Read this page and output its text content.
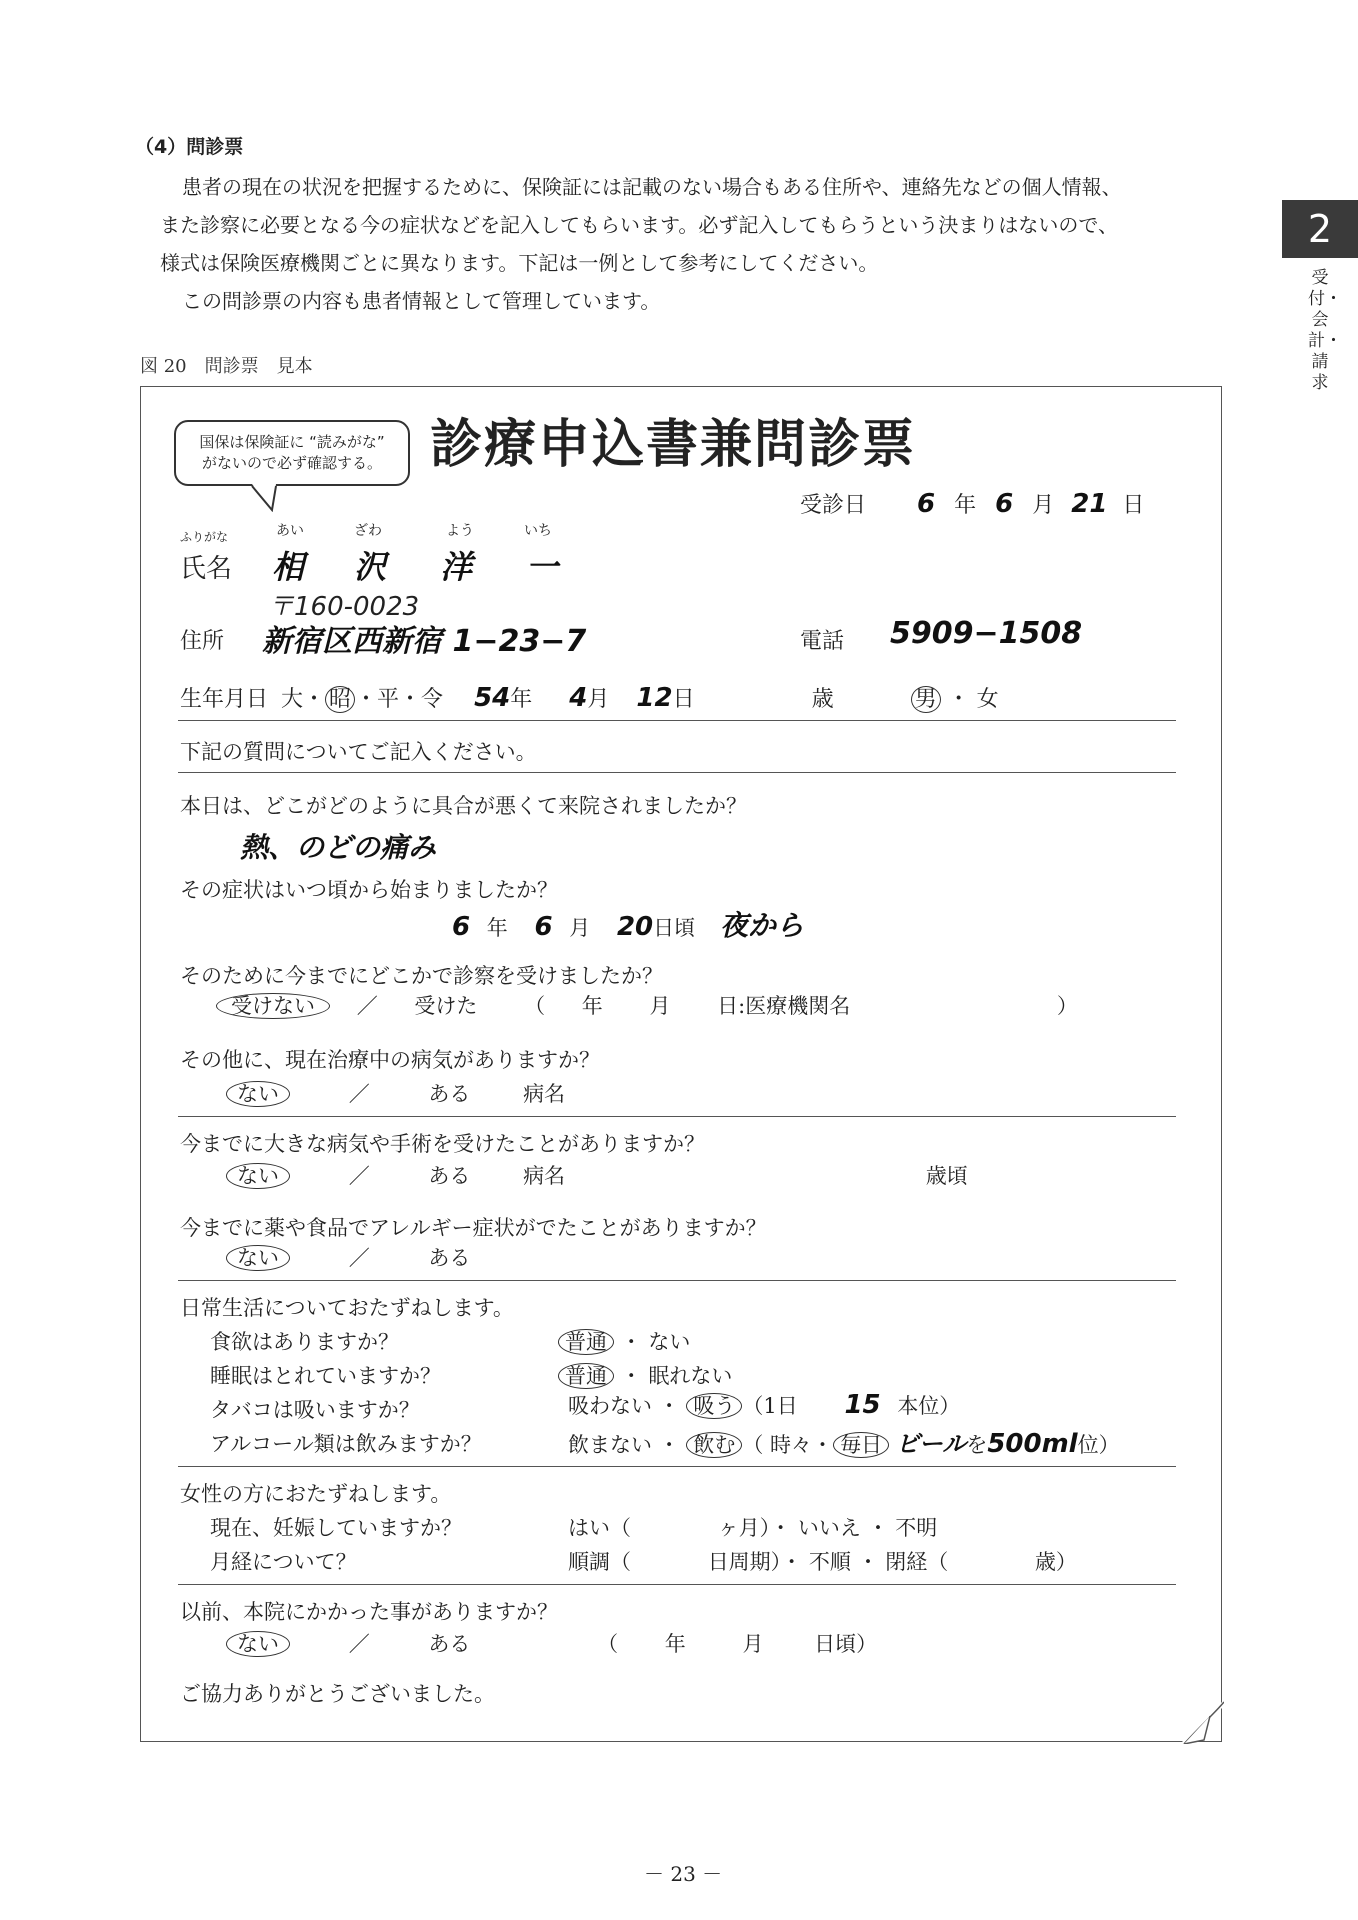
（4）問診票

患者の現在の状況を把握するために、保険証には記載のない場合もある住所や、連絡先などの個人情報、

また診察に必要となる今の症状などを記入してもらいます。必ず記入してもらうという決まりはないので、

様式は保険医療機関ごとに異なります。下記は一例として参考にしてください。

この問診票の内容も患者情報として管理しています。

2
受付・会計・請求
図 20　問診票　見本
国保は保険証に “読みがな”
がないので必ず確認する。 診療申込書兼問診票
受診日 6 年 6 月 21 日
ふりがな	あい	ざわ	よう	いち
氏名 相 沢 洋 一
〒160-0023
住所 新宿区西新宿 1−23−7	電話 5909−1508
生年月日 大・ 昭 ・平・令 54年 4月 12日	歳	男 ・ 女
下記の質問についてご記入ください。
本日は、どこがどのように具合が悪くて来院されましたか？
熱、のどの痛み
その症状はいつ頃から始まりましたか？
6 年 6 月 20日頃 夜から
そのために今までにどこかで診察を受けましたか？
受けない ／ 受けた （ 年 月 日:医療機関名	）
その他に、現在治療中の病気がありますか？
ない	／	ある	病名
今までに大きな病気や手術を受けたことがありますか？
ない	／	ある	病名	歳頃
今までに薬や食品でアレルギー症状がでたことがありますか？
ない	／	ある
日常生活についておたずねします。
食欲はありますか？	普通 ・ ない
睡眠はとれていますか？	普通 ・ 眠れない
タバコは吸いますか？	吸わない ・ 吸う （1日 15 本位）
アルコール類は飲みますか？	飲まない ・ 飲む （ 時々・ 毎日 ビールを500ml位）
女性の方におたずねします。
現在、妊娠していますか？	はい（	ヶ月）・ いいえ ・ 不明
月経について？	順調（	日周期）・ 不順 ・ 閉経（	歳）
以前、本院にかかった事がありますか？
ない	／	ある	（ 年	月 日頃）
ご協力ありがとうございました。
－ 23 －
